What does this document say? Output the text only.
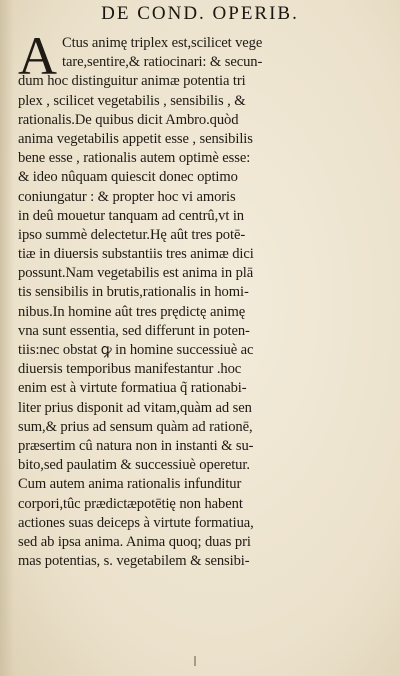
DE COND. OPERIB.
A Ctus animę triplex est,scilicet vege
tare,sentire,& ratiocinari: & secun-
dum hoc distinguitur animæ potentia tri
plex , scilicet vegetabilis , sensibilis , &
rationalis.De quibus dicit Ambro.quòd
anima vegetabilis appetit esse , sensibilis
bene esse , rationalis autem optimè esse:
& ideo nûquam quiescit donec optimo
coniungatur : & propter hoc vi amoris
in deû mouetur tanquam ad centrû,vt in
ipso summè delectetur.Hę aût tres potē-
tiæ in diuersis substantiis tres animæ dici
possunt.Nam vegetabilis est anima in plā
tis sensibilis in brutis,rationalis in homi-
nibus.In homine aût tres prędictę animę
vna sunt essentia, sed differunt in poten-
tiis:nec obstat ꝙ in homine successiuè ac
diuersis temporibus manifestantur .hoc
enim est à virtute formatiua q̃ rationabi-
liter prius disponit ad vitam,quàm ad sen
sum,& prius ad sensum quàm ad rationē,
præsertim cû natura non in instanti & su-
bito,sed paulatim & successiuè operetur.
Cum autem anima rationalis infunditur
corpori,tûc prædictæpotētię non habent
actiones suas deiceps à virtute formatiua,
sed ab ipsa anima. Anima quoq; duas pri
mas potentias, s. vegetabilem & sensibi-
